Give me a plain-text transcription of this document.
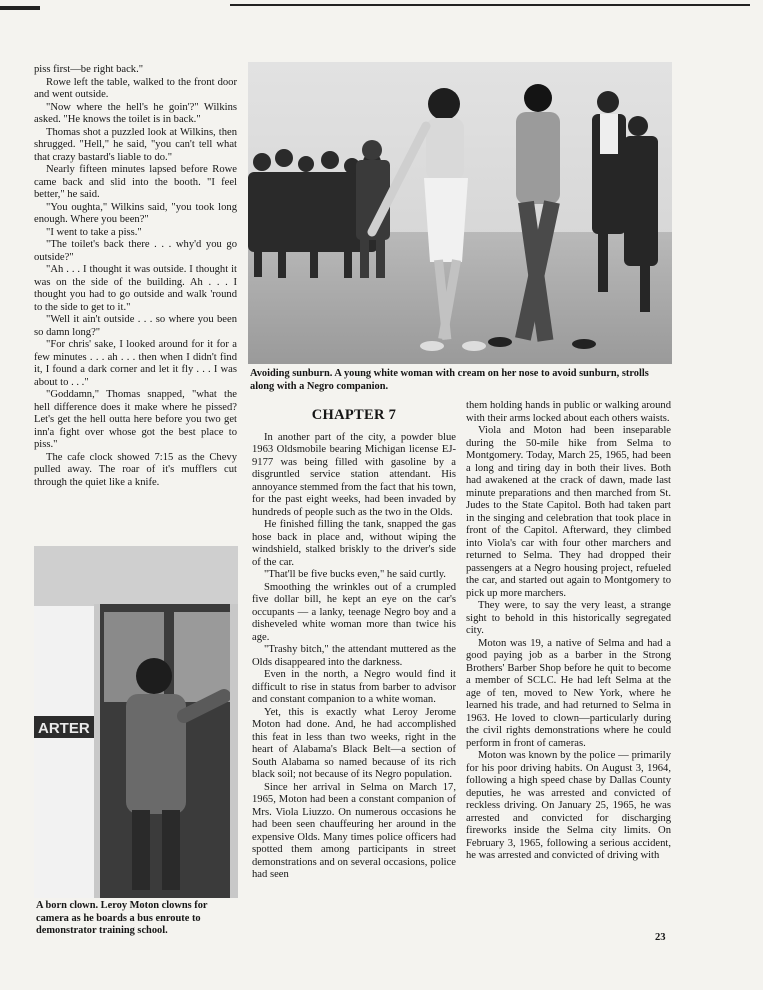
piss first—be right back."

Rowe left the table, walked to the front door and went outside.

"Now where the hell's he goin'?" Wilkins asked. "He knows the toilet is in back."

Thomas shot a puzzled look at Wilkins, then shrugged. "Hell," he said, "you can't tell what that crazy bastard's liable to do."

Nearly fifteen minutes lapsed before Rowe came back and slid into the booth. "I feel better," he said.

"You oughta," Wilkins said, "you took long enough. Where you been?"

"I went to take a piss."

"The toilet's back there . . . why'd you go outside?"

"Ah . . . I thought it was outside. I thought it was on the side of the building. Ah . . . I thought you had to go outside and walk 'round to the side to get to it."

"Well it ain't outside . . . so where you been so damn long?"

"For chris' sake, I looked around for it for a few minutes . . . ah . . . then when I didn't find it, I found a dark corner and let it fly . . . I was about to . . ."

"Goddamn," Thomas snapped, "what the hell difference does it make where he pissed? Let's get the hell outta here before you two get inn'a fight over whose got the best place to piss."

The cafe clock showed 7:15 as the Chevy pulled away. The roar of it's mufflers cut through the quiet like a knife.

Avoiding sunburn. A young white woman with cream on her nose to avoid sunburn, strolls along with a Negro companion.
CHAPTER 7

In another part of the city, a powder blue 1963 Oldsmobile bearing Michigan license EJ-9177 was being filled with gasoline by a disgruntled service station attendant. His annoyance stemmed from the fact that his town, for the past eight weeks, had been invaded by hundreds of people such as the two in the Olds.

He finished filling the tank, snapped the gas hose back in place and, without wiping the windshield, stalked briskly to the driver's side of the car.

"That'll be five bucks even," he said curtly.

Smoothing the wrinkles out of a crumpled five dollar bill, he kept an eye on the car's occupants — a lanky, teenage Negro boy and a disheveled white woman more than twice his age.

"Trashy bitch," the attendant muttered as the Olds disappeared into the darkness.

Even in the north, a Negro would find it difficult to rise in status from barber to advisor and constant companion to a white woman.

Yet, this is exactly what Leroy Jerome Moton had done. And, he had accomplished this feat in less than two weeks, right in the heart of Alabama's Black Belt—a section of South Alabama so named because of its rich black soil; not because of its Negro population.

Since her arrival in Selma on March 17, 1965, Moton had been a constant companion of Mrs. Viola Liuzzo. On numerous occasions he had been seen chauffeuring her around in the expensive Olds. Many times police officers had spotted them among participants in street demonstrations and on several occasions, police had seen

them holding hands in public or walking around with their arms locked about each others waists.

Viola and Moton had been inseparable during the 50-mile hike from Selma to Montgomery. Today, March 25, 1965, had been a long and tiring day in both their lives. Both had awakened at the crack of dawn, made last minute preparations and then marched from St. Judes to the State Capitol. Both had taken part in the singing and celebration that took place in front of the Capitol. Afterward, they climbed into Viola's car with four other marchers and returned to Selma. They had dropped their passengers at a Negro housing project, refueled the car, and started out again to Montgomery to pick up more marchers.

They were, to say the very least, a strange sight to behold in this historically segregated city.

Moton was 19, a native of Selma and had a good paying job as a barber in the Strong Brothers' Barber Shop before he quit to become a member of SCLC. He had left Selma at the age of ten, moved to New York, where he learned his trade, and had returned to Selma in 1963. He loved to clown—particularly during the civil rights demonstrations where he could perform in front of cameras.

Moton was known by the police — primarily for his poor driving habits. On August 3, 1964, following a high speed chase by Dallas County deputies, he was arrested and convicted of reckless driving. On January 25, 1965, he was arrested and convicted for discharging fireworks inside the Selma city limits. On February 3, 1965, following a serious accident, he was arrested and convicted of driving with

ARTER
A born clown. Leroy Moton clowns for camera as he boards a bus enroute to demonstrator training school.
23
